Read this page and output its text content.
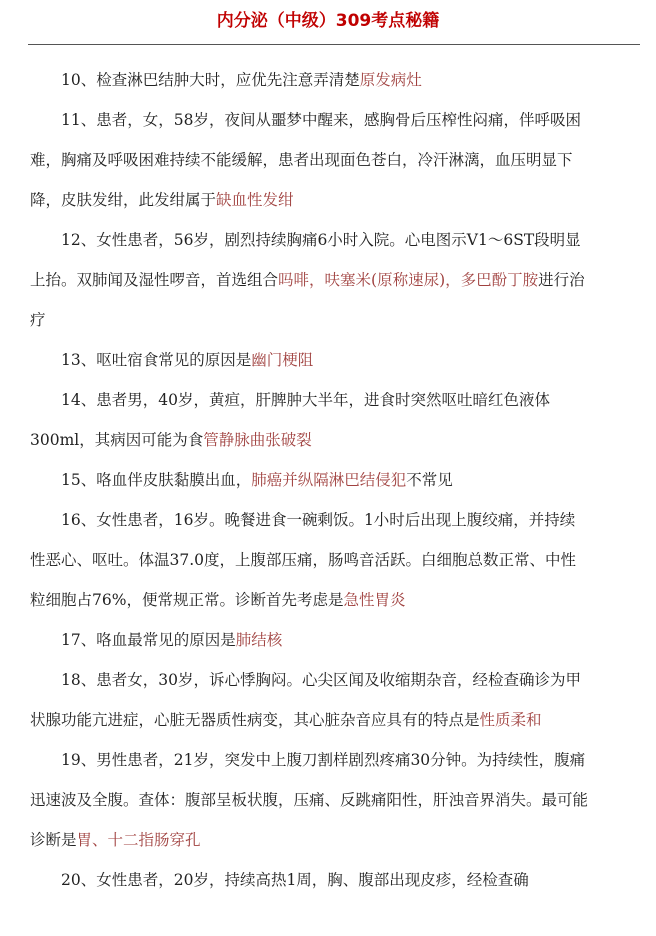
内分泌（中级）309考点秘籍

10、检查淋巴结肿大时，应优先注意弄清楚原发病灶

11、患者，女，58岁，夜间从噩梦中醒来，感胸骨后压榨性闷痛，伴呼吸困难，胸痛及呼吸困难持续不能缓解，患者出现面色苍白，冷汗淋漓，血压明显下降，皮肤发绀，此发绀属于缺血性发绀

12、女性患者，56岁，剧烈持续胸痛6小时入院。心电图示V1～6ST段明显上抬。双肺闻及湿性啰音，首选组合吗啡，呋塞米(原称速尿)，多巴酚丁胺进行治疗

13、呕吐宿食常见的原因是幽门梗阻

14、患者男，40岁，黄疸，肝脾肿大半年，进食时突然呕吐暗红色液体300ml，其病因可能为食管静脉曲张破裂

15、咯血伴皮肤黏膜出血，肺癌并纵隔淋巴结侵犯不常见

16、女性患者，16岁。晚餐进食一碗剩饭。1小时后出现上腹绞痛，并持续性恶心、呕吐。体温37.0度，上腹部压痛，肠鸣音活跃。白细胞总数正常、中性粒细胞占76%，便常规正常。诊断首先考虑是急性胃炎

17、咯血最常见的原因是肺结核

18、患者女，30岁，诉心悸胸闷。心尖区闻及收缩期杂音，经检查确诊为甲状腺功能亢进症，心脏无器质性病变，其心脏杂音应具有的特点是性质柔和

19、男性患者，21岁，突发中上腹刀割样剧烈疼痛30分钟。为持续性，腹痛迅速波及全腹。查体：腹部呈板状腹，压痛、反跳痛阳性，肝浊音界消失。最可能诊断是胃、十二指肠穿孔

20、女性患者，20岁，持续高热1周，胸、腹部出现皮疹，经检查确
